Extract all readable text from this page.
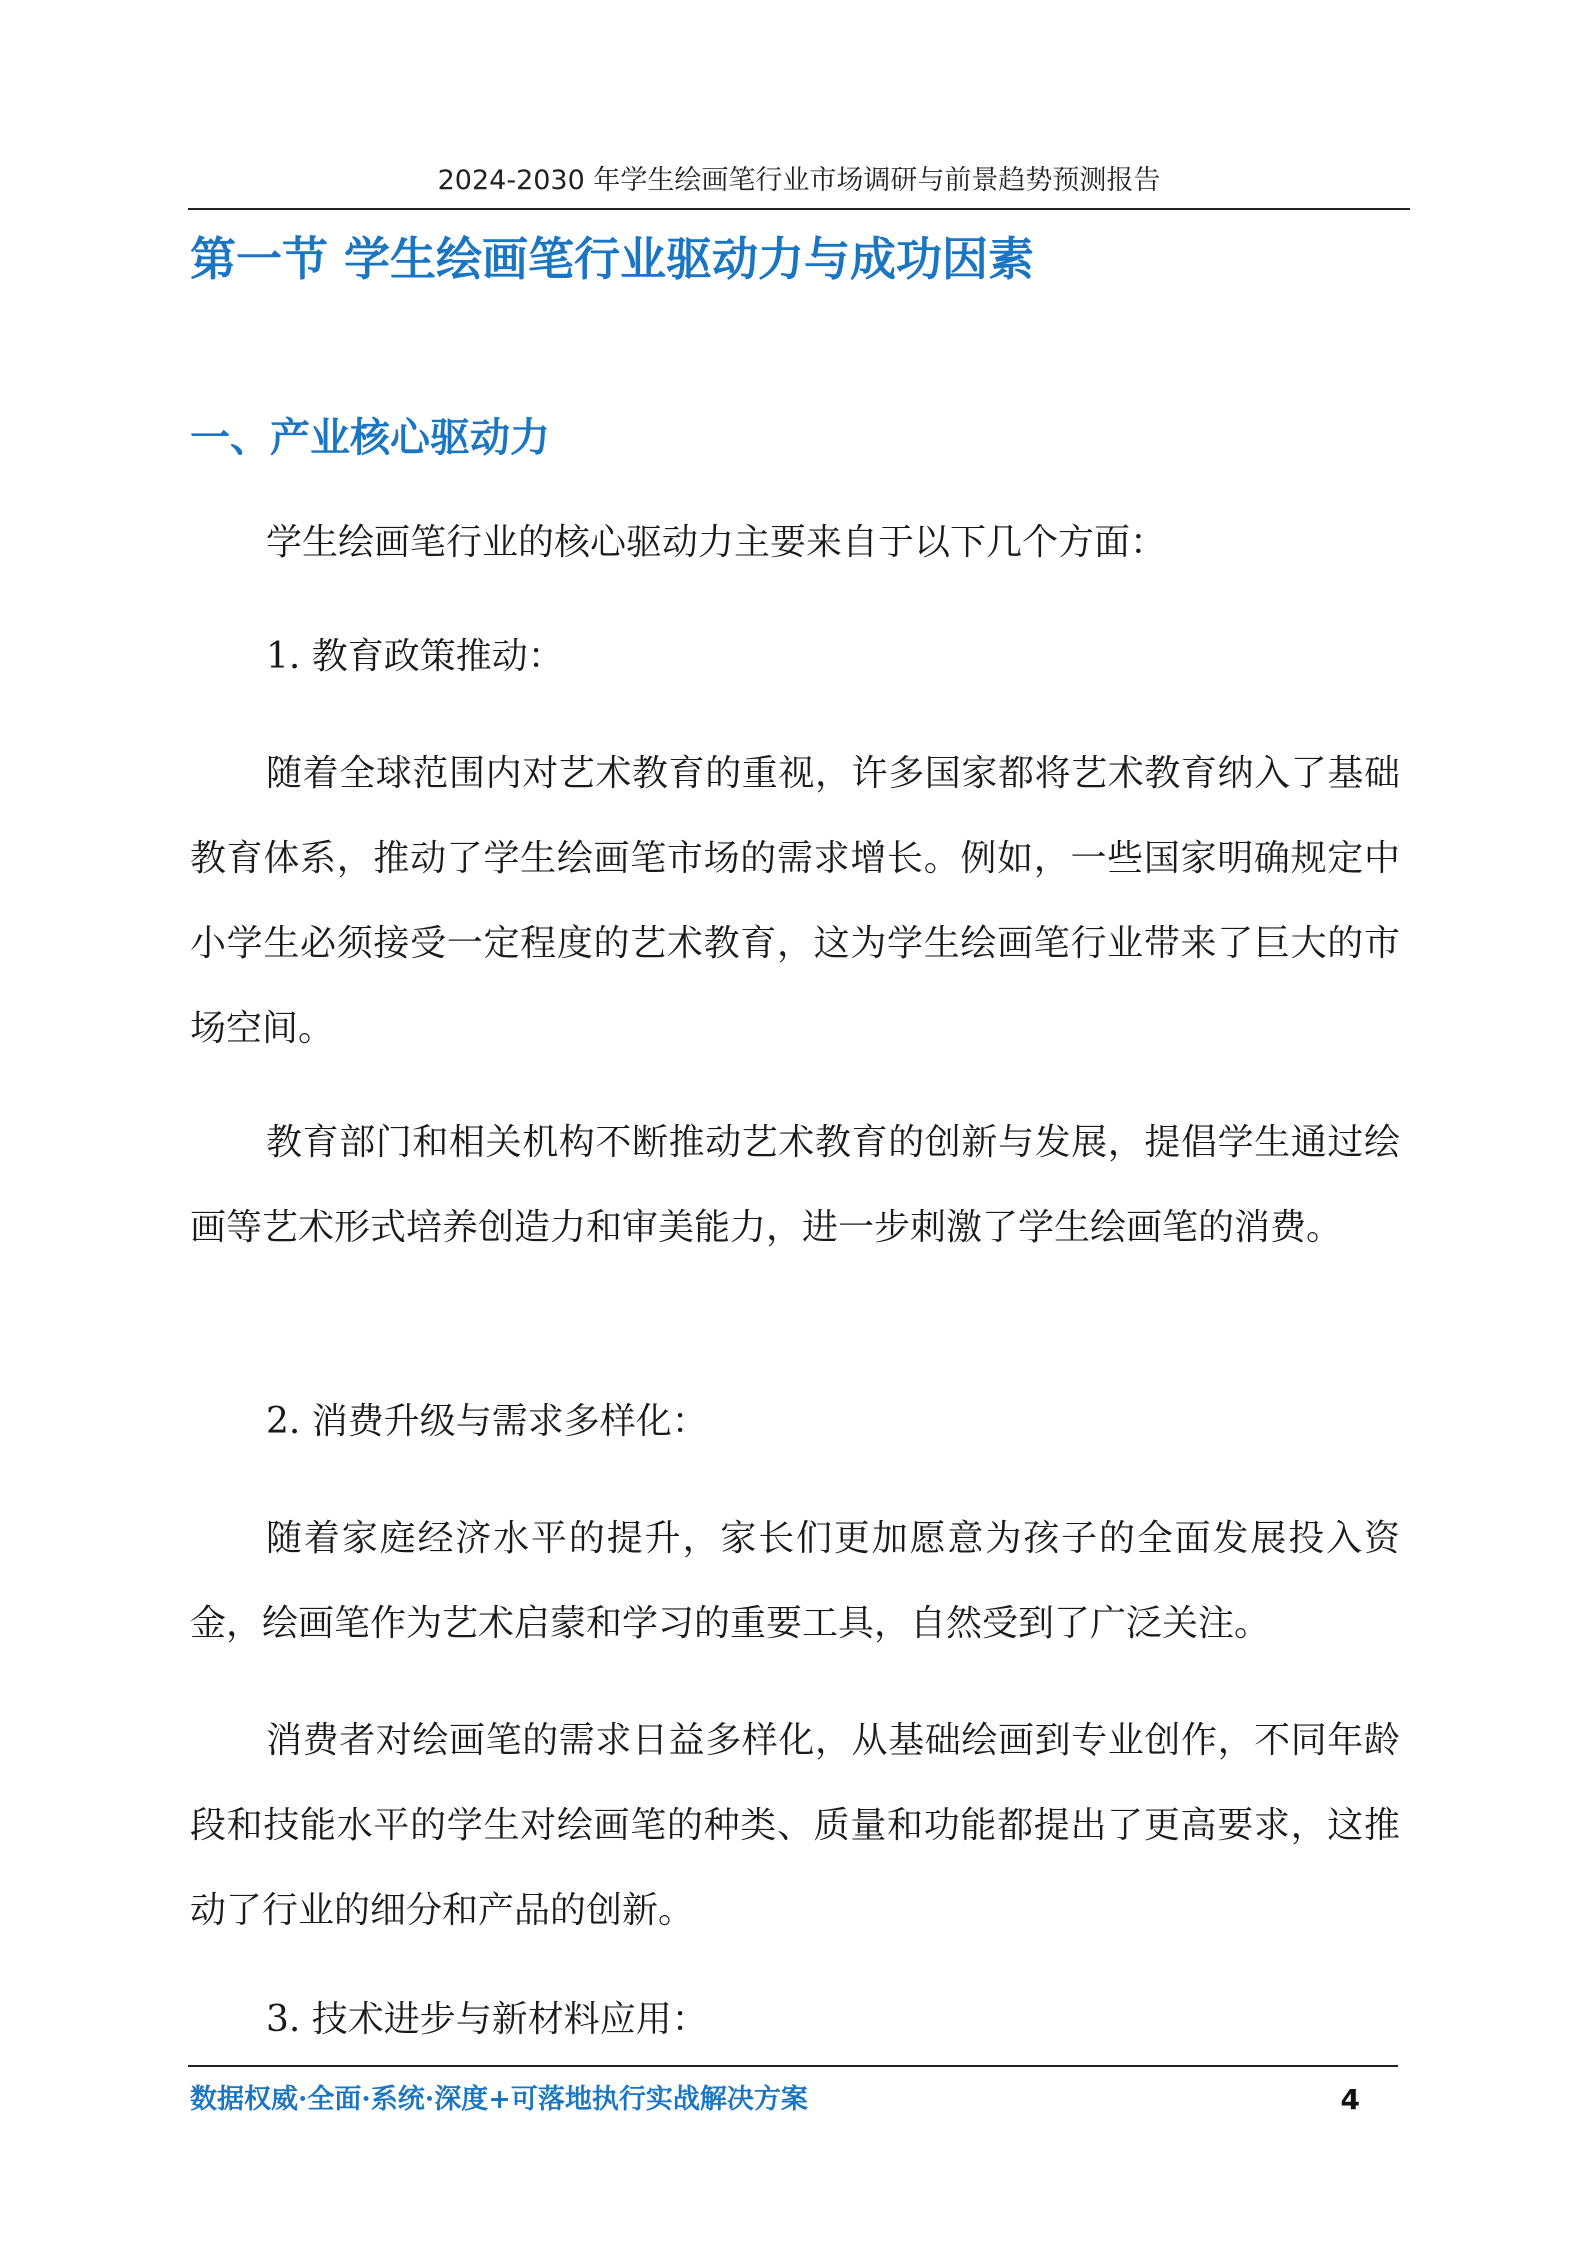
2024-2030 年学生绘画笔行业市场调研与前景趋势预测报告
第一节 学生绘画笔行业驱动力与成功因素
一、产业核心驱动力

学生绘画笔行业的核心驱动力主要来自于以下几个方面：

1. 教育政策推动：

随着全球范围内对艺术教育的重视，许多国家都将艺术教育纳入了基础教育体系，推动了学生绘画笔市场的需求增长。例如，一些国家明确规定中小学生必须接受一定程度的艺术教育，这为学生绘画笔行业带来了巨大的市场空间。

教育部门和相关机构不断推动艺术教育的创新与发展，提倡学生通过绘画等艺术形式培养创造力和审美能力，进一步刺激了学生绘画笔的消费。

2. 消费升级与需求多样化：

随着家庭经济水平的提升，家长们更加愿意为孩子的全面发展投入资金，绘画笔作为艺术启蒙和学习的重要工具，自然受到了广泛关注。

消费者对绘画笔的需求日益多样化，从基础绘画到专业创作，不同年龄段和技能水平的学生对绘画笔的种类、质量和功能都提出了更高要求，这推动了行业的细分和产品的创新。

3. 技术进步与新材料应用：

数据权威·全面·系统·深度+可落地执行实战解决方案	4
